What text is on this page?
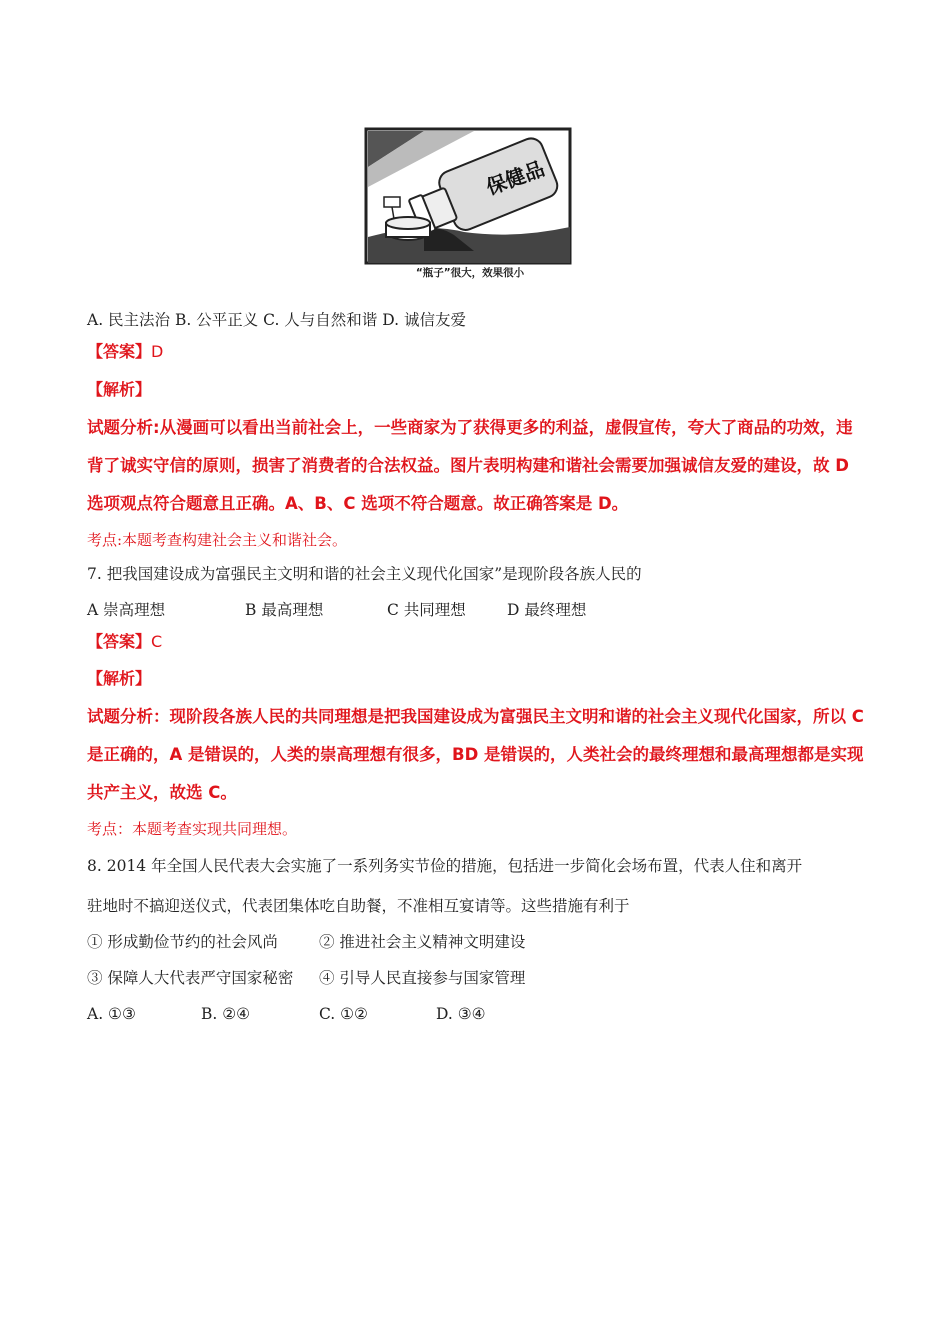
保健品
“瓶子”很大，效果很小
A. 民主法治 B. 公平正义 C. 人与自然和谐 D. 诚信友爱
【答案】D
【解析】
试题分析:从漫画可以看出当前社会上，一些商家为了获得更多的利益，虚假宣传，夸大了商品的功效，违
背了诚实守信的原则，损害了消费者的合法权益。图片表明构建和谐社会需要加强诚信友爱的建设，故 D
选项观点符合题意且正确。A、B、C 选项不符合题意。故正确答案是 D。
考点:本题考查构建社会主义和谐社会。
7. 把我国建设成为富强民主文明和谐的社会主义现代化国家”是现阶段各族人民的
A 崇高理想	B 最高理想	C 共同理想	D 最终理想
【答案】C
【解析】
试题分析：现阶段各族人民的共同理想是把我国建设成为富强民主文明和谐的社会主义现代化国家，所以 C
是正确的，A 是错误的，人类的崇高理想有很多，BD 是错误的，人类社会的最终理想和最高理想都是实现
共产主义，故选 C。
考点：本题考查实现共同理想。
8. 2014 年全国人民代表大会实施了一系列务实节俭的措施，包括进一步简化会场布置，代表人住和离开
驻地时不搞迎送仪式，代表团集体吃自助餐，不准相互宴请等。这些措施有利于
① 形成勤俭节约的社会风尚	② 推进社会主义精神文明建设
③ 保障人大代表严守国家秘密 ④ 引导人民直接参与国家管理
A. ①③	B. ②④	C. ①②	D. ③④
